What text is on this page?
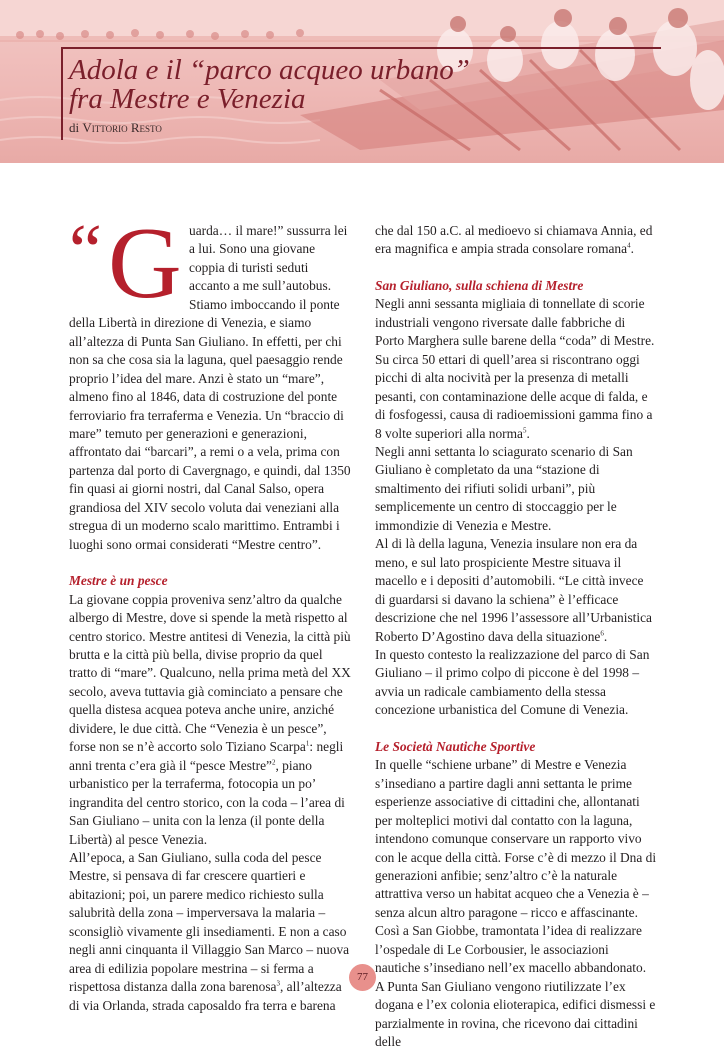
Adola e il “parco acqueo urbano”
fra Mestre e Venezia
di Vittorio Resto
“ G uarda… il mare!” sussurra lei a lui. Sono una giovane coppia di turisti seduti accanto a me sull’autobus. Stiamo imboccando il ponte della Libertà in direzione di Venezia, e siamo all’altezza di Punta San Giuliano. In effetti, per chi non sa che cosa sia la laguna, quel paesaggio rende proprio l’idea del mare. Anzi è stato un “mare”, almeno fino al 1846, data di costruzione del ponte ferroviario fra terraferma e Venezia. Un “braccio di mare” temuto per generazioni e generazioni, affrontato dai “barcari”, a remi o a vela, prima con partenza dal porto di Cavergnago, e quindi, dal 1350 fin quasi ai giorni nostri, dal Canal Salso, opera grandiosa del XIV secolo voluta dai veneziani alla stregua di un moderno scalo marittimo. Entrambi i luoghi sono ormai considerati “Mestre centro”.

Mestre è un pesce

La giovane coppia proveniva senz’altro da qualche albergo di Mestre, dove si spende la metà rispetto al centro storico. Mestre antitesi di Venezia, la città più brutta e la città più bella, divise proprio da quel tratto di “mare”. Qualcuno, nella prima metà del XX secolo, aveva tuttavia già cominciato a pensare che quella distesa acquea poteva anche unire, anziché dividere, le due città. Che “Venezia è un pesce”, forse non se n’è accorto solo Tiziano Scarpa$^1$: negli anni trenta c’era già il “pesce Mestre”$^2$, piano urbanistico per la terraferma, fotocopia un po’ ingrandita del centro storico, con la coda – l’area di San Giuliano – unita con la lenza (il ponte della Libertà) al pesce Venezia.

All’epoca, a San Giuliano, sulla coda del pesce Mestre, si pensava di far crescere quartieri e abitazioni; poi, un parere medico richiesto sulla salubrità della zona – imperversava la malaria – sconsigliò vivamente gli insediamenti. E non a caso negli anni cinquanta il Villaggio San Marco – nuova area di edilizia popolare mestrina – si ferma a rispettosa distanza dalla zona barenosa$^3$, all’altezza di via Orlanda, strada caposaldo fra terra e barena

che dal 150 a.C. al medioevo si chiamava Annia, ed era magnifica e ampia strada consolare romana$^4$.

San Giuliano, sulla schiena di Mestre

Negli anni sessanta migliaia di tonnellate di scorie industriali vengono riversate dalle fabbriche di Porto Marghera sulle barene della “coda” di Mestre. Su circa 50 ettari di quell’area si riscontrano oggi picchi di alta nocività per la presenza di metalli pesanti, con contaminazione delle acque di falda, e di fosfogessi, causa di radioemissioni gamma fino a 8 volte superiori alla norma$^5$.

Negli anni settanta lo sciagurato scenario di San Giuliano è completato da una “stazione di smaltimento dei rifiuti solidi urbani”, più semplicemente un centro di stoccaggio per le immondizie di Venezia e Mestre.

Al di là della laguna, Venezia insulare non era da meno, e sul lato prospiciente Mestre situava il macello e i depositi d’automobili. “Le città invece di guardarsi si davano la schiena” è l’efficace descrizione che nel 1996 l’assessore all’Urbanistica Roberto D’Agostino dava della situazione$^6$.

In questo contesto la realizzazione del parco di San Giuliano – il primo colpo di piccone è del 1998 – avvia un radicale cambiamento della stessa concezione urbanistica del Comune di Venezia.

Le Società Nautiche Sportive

In quelle “schiene urbane” di Mestre e Venezia s’insediano a partire dagli anni settanta le prime esperienze associative di cittadini che, allontanati per molteplici motivi dal contatto con la laguna, intendono comunque conservare un rapporto vivo con le acque della città. Forse c’è di mezzo il Dna di generazioni anfibie; senz’altro c’è la naturale attrattiva verso un habitat acqueo che a Venezia è – senza alcun altro paragone – ricco e affascinante. Così a San Giobbe, tramontata l’idea di realizzare l’ospedale di Le Corbousier, le associazioni nautiche s’insediano nell’ex macello abbandonato. A Punta San Giuliano vengono riutilizzate l’ex dogana e l’ex colonia elioterapica, edifici dismessi e parzialmente in rovina, che ricevono dai cittadini delle

77
